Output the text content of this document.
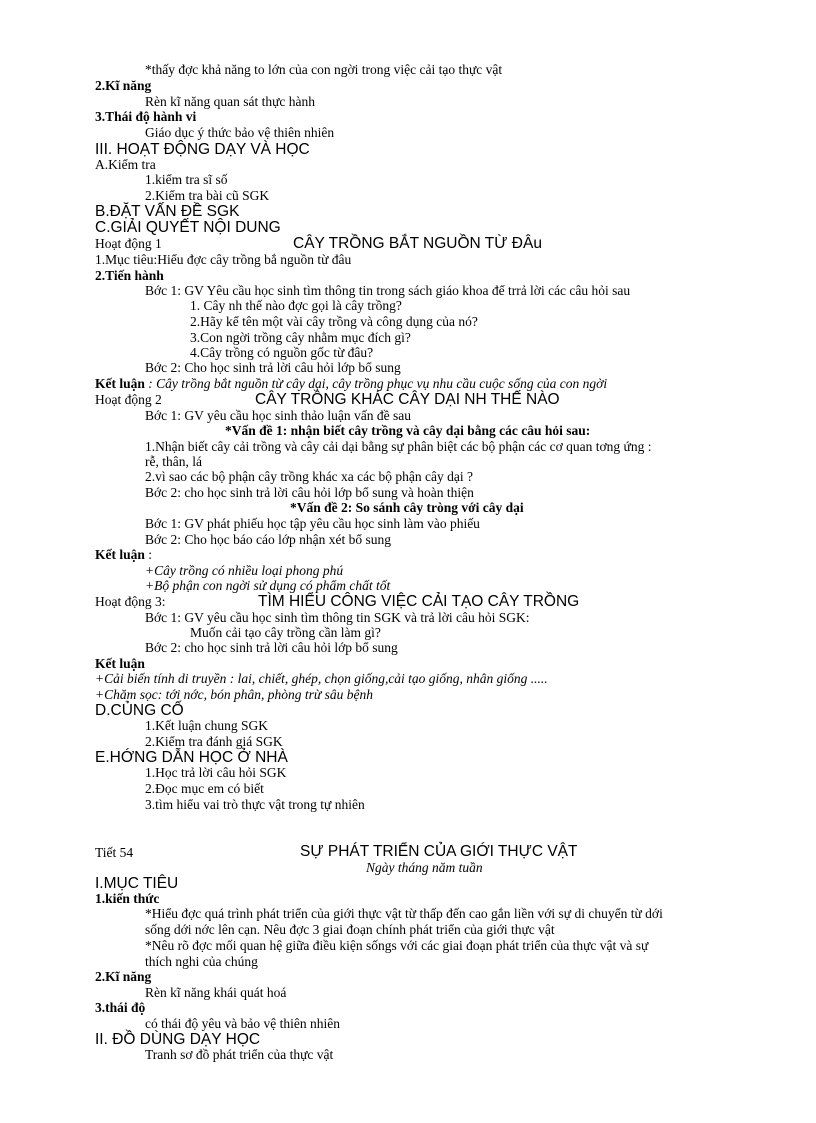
*thấy đợc khả năng to lớn của con ngời trong việc cải tạo thực vật
2.Kĩ năng
Rèn kĩ năng quan sát thực hành
3.Thái độ hành vi
Giáo dục ý thức bảo vệ thiên nhiên
III. HOẠT ĐỘNG DẠY VÀ HỌC
A.Kiểm tra
1.kiểm tra sĩ số
2.Kiểm tra bài cũ SGK
B.ĐẶT VẤN ĐỀ SGK
C.GIẢI QUYẾT NỘI DUNG
Hoạt động 1	CÂY TRỒNG BẮT NGUỒN TỪ ĐÂu
1.Mục tiêu:Hiểu đợc cây trồng bắ nguồn từ đâu
2.Tiến hành
Bớc 1: GV Yêu cầu học sinh tìm thông tin trong sách giáo khoa để trrả lời các câu hỏi sau
1. Cây nh thế nào đợc gọi là cây trồng?
2.Hãy kể tên một vài cây trồng và công dụng của nó?
3.Con ngời trồng cây nhằm mục đích gì?
4.Cây trồng có nguồn gốc từ đâu?
Bớc 2: Cho học sinh trả lời câu hỏi lớp bổ sung
Kết luận : Cây trồng bắt nguồn từ cây dại, cây trồng phục vụ nhu cầu cuộc sống của con ngời
Hoạt động 2	CÂY TRỒNG KHÁC CÂY DẠI NH THẾ NÀO
Bớc 1: GV yêu cầu học sinh thảo luận vấn đề sau
*Vấn đề 1: nhận biết cây trồng và cây dại bằng các câu hỏi sau:
1.Nhận biết cây cải trồng và cây cải dại bằng sự phân biệt các bộ phận các cơ quan tơng ứng :
rễ, thân, lá
2.vì sao các bộ phận cây trồng khác xa các bộ phận cây dại ?
Bớc 2: cho học sinh trả lời câu hỏi lớp bổ sung và hoàn thiện
*Vấn đề 2: So sánh cây tròng với cây dại
Bớc 1: GV phát phiếu học tập yêu cầu học sinh làm vào phiếu
Bớc 2: Cho học báo cáo lớp nhận xét bổ sung
Kết luận :
+Cây trồng có nhiều loại phong phú
+Bộ phận con ngời sử dụng có phẩm chất tốt
Hoạt động 3:	TÌM HIỂU CÔNG VIỆC CẢI TẠO CÂY TRỒNG
Bớc 1: GV yêu cầu học sinh tìm thông tin SGK và trả lời câu hỏi SGK:
Muốn cải tạo cây trồng cần làm gì?
Bớc 2: cho học sinh trả lời câu hỏi lớp bổ sung
Kết luận
+Cải biến tính di truyền : lai, chiết, ghép, chọn giống,cải tạo giống, nhân giống .....
+Chăm sọc: tới nớc, bón phân, phòng trừ sâu bệnh
D.CỦNG CỐ
1.Kết luận chung SGK
2.Kiểm tra đánh giá SGK
E.HỚNG DẪN HỌC Ở NHÀ
1.Học trả lời câu hỏi SGK
2.Đọc mục em có biết
3.tìm hiểu vai trò thực vật trong tự nhiên
Tiết 54	SỰ PHÁT TRIỂN CỦA GIỚI THỰC VẬT
Ngày tháng năm tuần
I.MỤC TIÊU
1.kiến thức
*Hiểu đợc quá trình phát triển của giới thực vật từ thấp đến cao gắn liền với sự di chuyển từ dới
sống dới nớc lên cạn. Nêu đợc 3 giai đoạn chính phát triển của giới thực vật
*Nêu rõ đợc mối quan hệ giữa điều kiện sốngs với các giai đoạn phát triển của thực vật và sự
thích nghi của chúng
2.Kĩ năng
Rèn kĩ năng khái quát hoá
3.thái độ
có thái độ yêu và bảo vệ thiên nhiên
II. ĐỒ DÙNG DẠY HỌC
Tranh sơ đồ phát triển của thực vật
